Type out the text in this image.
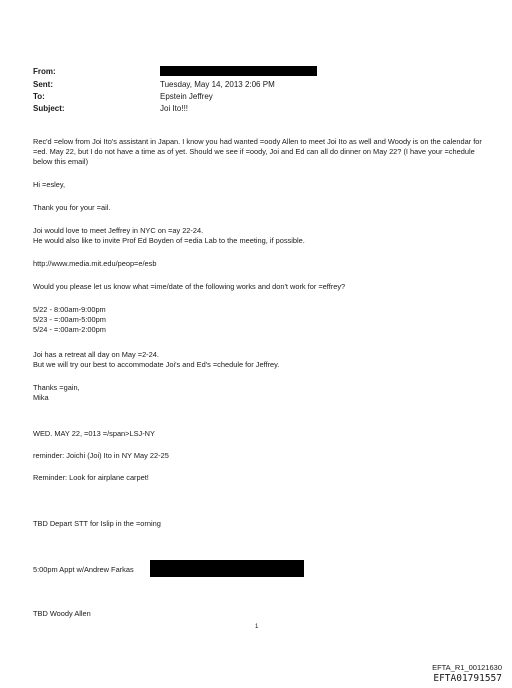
From:
Sent:	Tuesday, May 14, 2013 2:06 PM
To:	Epstein Jeffrey
Subject:	Joi Ito!!!
Rec'd =elow from Joi Ito's assistant in Japan. I know you had wanted =oody Allen to meet Joi Ito as well and Woody is on the calendar for =ed. May 22, but I do not have a time as of yet. Should we see if =oody, Joi and Ed can all do dinner on May 22? (I have your =chedule below this email)
Hi =esley,
Thank you for your =ail.
Joi would love to meet Jeffrey in NYC on =ay 22-24.
He would also like to invite Prof Ed Boyden of =edia Lab to the meeting, if possible.
http://www.media.mit.edu/peop=e/esb
Would you please let us know what =ime/date of the following works and don't work for =effrey?
5/22 - 8:00am-9:00pm
5/23 - =:00am-5:00pm
5/24 - =:00am-2:00pm
Joi has a retreat all day on May =2-24.
But we will try our best to accommodate Joi's and Ed's =chedule for Jeffrey.
Thanks =gain,
Mika
WED. MAY 22, =013 =/span>LSJ-NY
reminder: Joichi (Joi) Ito in NY May 22-25
Reminder: Look for airplane carpet!
TBD Depart STT for Islip in the =orning
5:00pm Appt w/Andrew Farkas
TBD Woody Allen
1
EFTA_R1_00121630
EFTA01791557
